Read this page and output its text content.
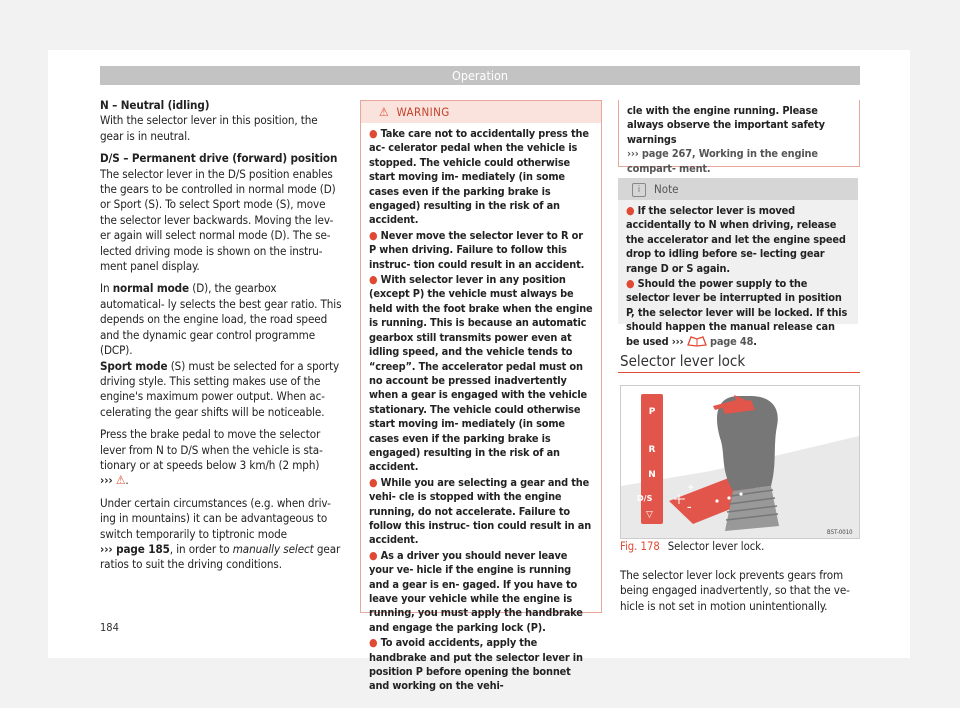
Operation

N – Neutral (idling)

With the selector lever in this position, the gear is in neutral.

D/S – Permanent drive (forward) position

The selector lever in the D/S position enables the gears to be controlled in normal mode (D) or Sport (S). To select Sport mode (S), move the selector lever backwards. Moving the lev- er again will select normal mode (D). The se- lected driving mode is shown on the instru- ment panel display.

In normal mode (D), the gearbox automatical- ly selects the best gear ratio. This depends on the engine load, the road speed and the dynamic gear control programme (DCP).

Sport mode (S) must be selected for a sporty driving style. This setting makes use of the engine's maximum power output. When ac- celerating the gear shifts will be noticeable.

Press the brake pedal to move the selector lever from N to D/S when the vehicle is sta- tionary or at speeds below 3 km/h (2 mph)
››› ⚠.

Under certain circumstances (e.g. when driv- ing in mountains) it can be advantageous to switch temporarily to tiptronic mode
››› page 185, in order to manually select gear ratios to suit the driving conditions.

⚠ WARNING

● Take care not to accidentally press the ac- celerator pedal when the vehicle is stopped. The vehicle could otherwise start moving im- mediately (in some cases even if the parking brake is engaged) resulting in the risk of an accident.

● Never move the selector lever to R or P when driving. Failure to follow this instruc- tion could result in an accident.

● With selector lever in any position (except P) the vehicle must always be held with the foot brake when the engine is running. This is because an automatic gearbox still transmits power even at idling speed, and the vehicle tends to “creep”. The accelerator pedal must on no account be pressed inadvertently when a gear is engaged with the vehicle stationary. The vehicle could otherwise start moving im- mediately (in some cases even if the parking brake is engaged) resulting in the risk of an accident.

● While you are selecting a gear and the vehi- cle is stopped with the engine running, do not accelerate. Failure to follow this instruc- tion could result in an accident.

● As a driver you should never leave your ve- hicle if the engine is running and a gear is en- gaged. If you have to leave your vehicle while the engine is running, you must apply the handbrake and engage the parking lock (P).

● To avoid accidents, apply the handbrake and put the selector lever in position P before opening the bonnet and working on the vehi-

cle with the engine running. Please always observe the important safety warnings
››› page 267, Working in the engine compart- ment.

i	Note

● If the selector lever is moved accidentally to N when driving, release the accelerator and let the engine speed drop to idling before se- lecting gear range D or S again.

● Should the power supply to the selector lever be interrupted in position P, the selector lever will be locked. If this should happen the manual release can be used ››› page 48.

Selector lever lock
P
R
N
D/S
▽
+
–
B5T-0010
Fig. 178 Selector lever lock.

The selector lever lock prevents gears from being engaged inadvertently, so that the ve- hicle is not set in motion unintentionally.

184
